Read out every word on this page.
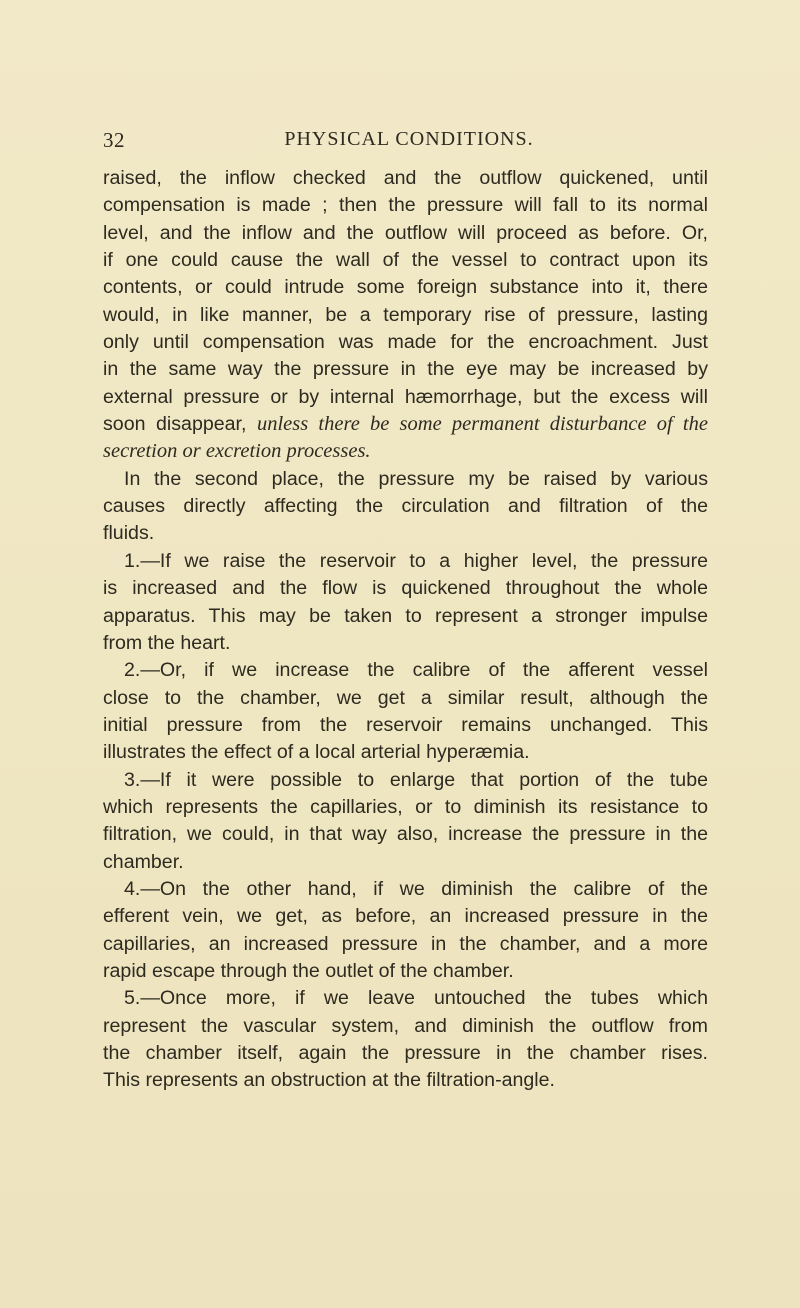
32	PHYSICAL CONDITIONS.
raised, the inflow checked and the outflow quickened, until
compensation is made ; then the pressure will fall to its normal
level, and the inflow and the outflow will proceed as before. Or,
if one could cause the wall of the vessel to contract upon its
contents, or could intrude some foreign substance into it, there
would, in like manner, be a temporary rise of pressure, lasting
only until compensation was made for the encroachment. Just
in the same way the pressure in the eye may be increased by
external pressure or by internal hæmorrhage, but the excess will
soon disappear, unless there be some permanent disturbance of the
secretion or excretion processes.
In the second place, the pressure my be raised by various
causes directly affecting the circulation and filtration of the
fluids.
1.—If we raise the reservoir to a higher level, the pressure
is increased and the flow is quickened throughout the whole
apparatus. This may be taken to represent a stronger impulse
from the heart.
2.—Or, if we increase the calibre of the afferent vessel
close to the chamber, we get a similar result, although the
initial pressure from the reservoir remains unchanged. This
illustrates the effect of a local arterial hyperæmia.
3.—If it were possible to enlarge that portion of the tube
which represents the capillaries, or to diminish its resistance to
filtration, we could, in that way also, increase the pressure in the
chamber.
4.—On the other hand, if we diminish the calibre of the
efferent vein, we get, as before, an increased pressure in the
capillaries, an increased pressure in the chamber, and a more
rapid escape through the outlet of the chamber.
5.—Once more, if we leave untouched the tubes which
represent the vascular system, and diminish the outflow from
the chamber itself, again the pressure in the chamber rises.
This represents an obstruction at the filtration-angle.
